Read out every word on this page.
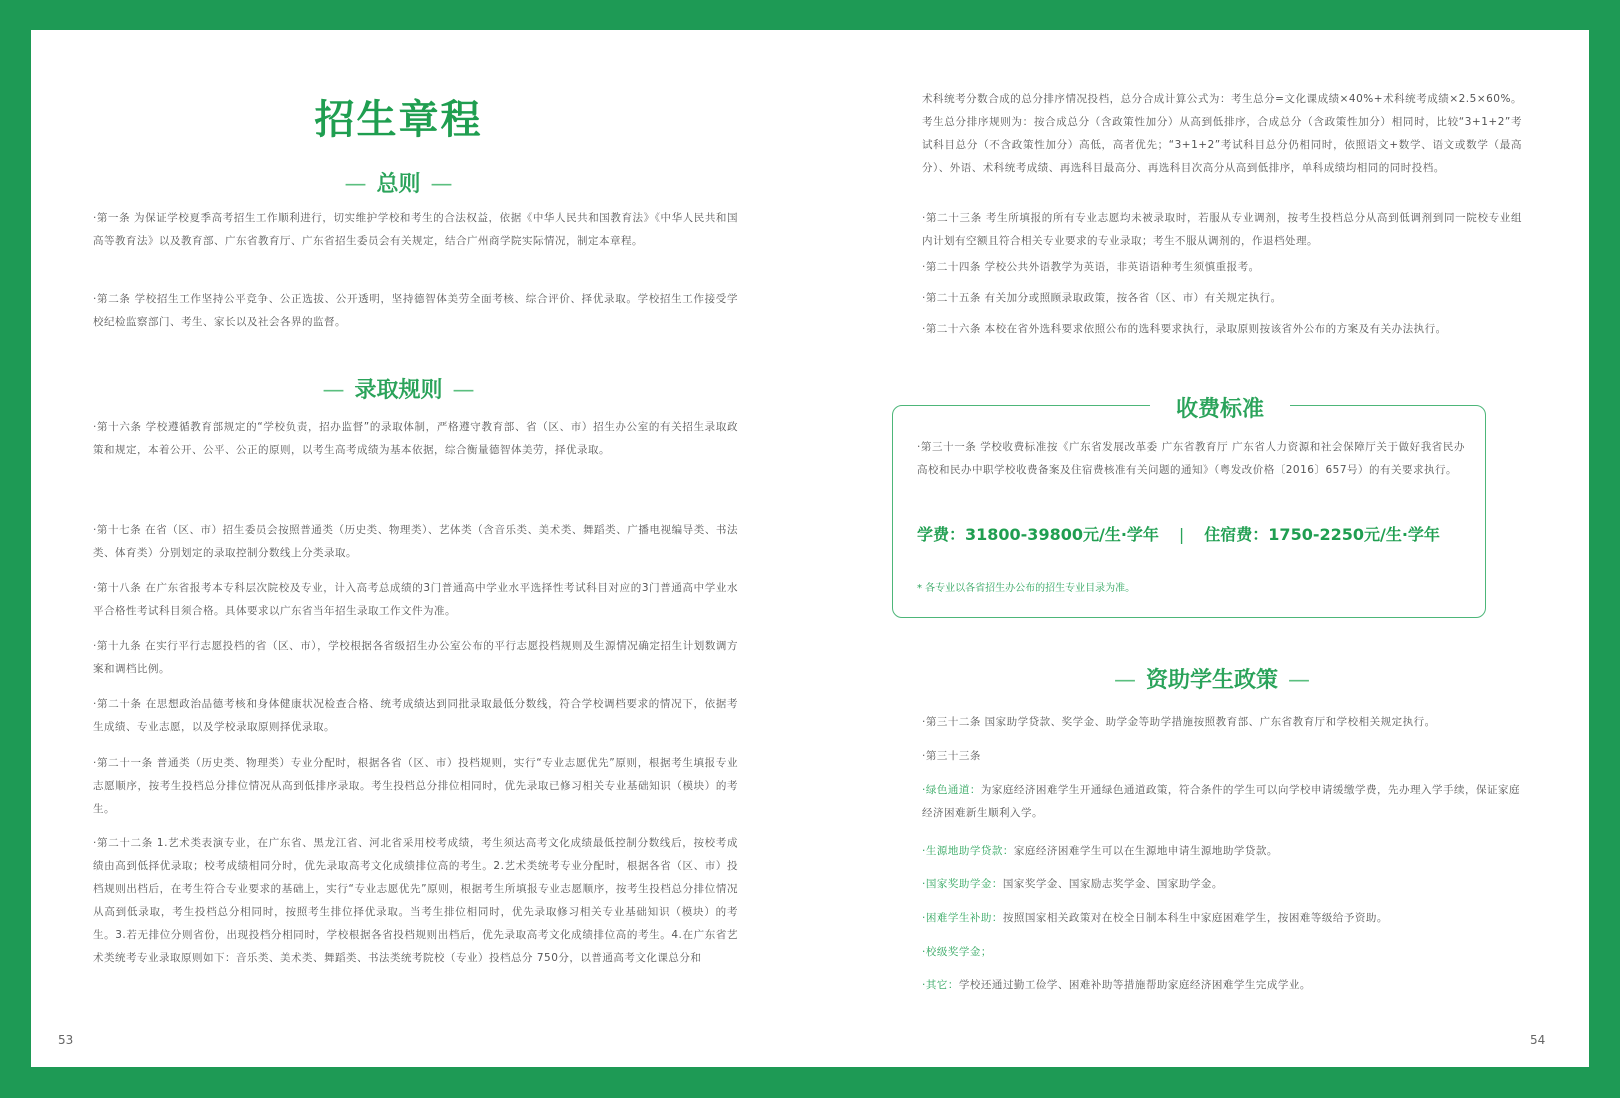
招生章程
— 总则 —
·第一条 为保证学校夏季高考招生工作顺利进行，切实维护学校和考生的合法权益，依据《中华人民共和国教育法》《中华人民共和国高等教育法》以及教育部、广东省教育厅、广东省招生委员会有关规定，结合广州商学院实际情况，制定本章程。
·第二条 学校招生工作坚持公平竞争、公正选拔、公开透明，坚持德智体美劳全面考核、综合评价、择优录取。学校招生工作接受学校纪检监察部门、考生、家长以及社会各界的监督。
— 录取规则 —
·第十六条 学校遵循教育部规定的“学校负责，招办监督”的录取体制，严格遵守教育部、省（区、市）招生办公室的有关招生录取政策和规定，本着公开、公平、公正的原则，以考生高考成绩为基本依据，综合衡量德智体美劳，择优录取。
·第十七条 在省（区、市）招生委员会按照普通类（历史类、物理类）、艺体类（含音乐类、美术类、舞蹈类、广播电视编导类、书法类、体育类）分别划定的录取控制分数线上分类录取。
·第十八条 在广东省报考本专科层次院校及专业，计入高考总成绩的3门普通高中学业水平选择性考试科目对应的3门普通高中学业水平合格性考试科目须合格。具体要求以广东省当年招生录取工作文件为准。
·第十九条 在实行平行志愿投档的省（区、市），学校根据各省级招生办公室公布的平行志愿投档规则及生源情况确定招生计划数调方案和调档比例。
·第二十条 在思想政治品德考核和身体健康状况检查合格、统考成绩达到同批录取最低分数线，符合学校调档要求的情况下，依据考生成绩、专业志愿，以及学校录取原则择优录取。
·第二十一条 普通类（历史类、物理类）专业分配时，根据各省（区、市）投档规则，实行“专业志愿优先”原则，根据考生填报专业志愿顺序，按考生投档总分排位情况从高到低排序录取。考生投档总分排位相同时，优先录取已修习相关专业基础知识（模块）的考生。
·第二十二条 1.艺术类表演专业，在广东省、黑龙江省、河北省采用校考成绩，考生须达高考文化成绩最低控制分数线后，按校考成绩由高到低择优录取；校考成绩相同分时，优先录取高考文化成绩排位高的考生。2.艺术类统考专业分配时，根据各省（区、市）投档规则出档后，在考生符合专业要求的基础上，实行“专业志愿优先”原则，根据考生所填报专业志愿顺序，按考生投档总分排位情况从高到低录取，考生投档总分相同时，按照考生排位择优录取。当考生排位相同时，优先录取修习相关专业基础知识（模块）的考生。3.若无排位分则省份，出现投档分相同时，学校根据各省投档规则出档后，优先录取高考文化成绩排位高的考生。4.在广东省艺术类统考专业录取原则如下：音乐类、美术类、舞蹈类、书法类统考院校（专业）投档总分 750分，以普通高考文化课总分和
53
术科统考分数合成的总分排序情况投档，总分合成计算公式为：考生总分=文化课成绩×40%+术科统考成绩×2.5×60%。考生总分排序规则为：按合成总分（含政策性加分）从高到低排序，合成总分（含政策性加分）相同时，比较“3+1+2”考试科目总分（不含政策性加分）高低，高者优先；“3+1+2”考试科目总分仍相同时，依照语文+数学、语文或数学（最高分）、外语、术科统考成绩、再选科目最高分、再选科目次高分从高到低排序，单科成绩均相同的同时投档。
·第二十三条 考生所填报的所有专业志愿均未被录取时，若服从专业调剂，按考生投档总分从高到低调剂到同一院校专业组内计划有空额且符合相关专业要求的专业录取；考生不服从调剂的，作退档处理。
·第二十四条 学校公共外语教学为英语，非英语语种考生须慎重报考。
·第二十五条 有关加分或照顾录取政策，按各省（区、市）有关规定执行。
·第二十六条 本校在省外选科要求依照公布的选科要求执行，录取原则按该省外公布的方案及有关办法执行。
54
收费标准
·第三十一条 学校收费标准按《广东省发展改革委 广东省教育厅 广东省人力资源和社会保障厅关于做好我省民办高校和民办中职学校收费备案及住宿费核准有关问题的通知》（粤发改价格〔2016〕657号）的有关要求执行。
学费：31800-39800元/生·学年 | 住宿费：1750-2250元/生·学年
* 各专业以各省招生办公布的招生专业目录为准。
— 资助学生政策 —
·第三十二条 国家助学贷款、奖学金、助学金等助学措施按照教育部、广东省教育厅和学校相关规定执行。
·第三十三条
·绿色通道：为家庭经济困难学生开通绿色通道政策，符合条件的学生可以向学校申请缓缴学费，先办理入学手续，保证家庭经济困难新生顺利入学。
·生源地助学贷款：家庭经济困难学生可以在生源地申请生源地助学贷款。
·国家奖助学金：国家奖学金、国家励志奖学金、国家助学金。
·困难学生补助：按照国家相关政策对在校全日制本科生中家庭困难学生，按困难等级给予资助。
·校级奖学金；
·其它：学校还通过勤工俭学、困难补助等措施帮助家庭经济困难学生完成学业。
